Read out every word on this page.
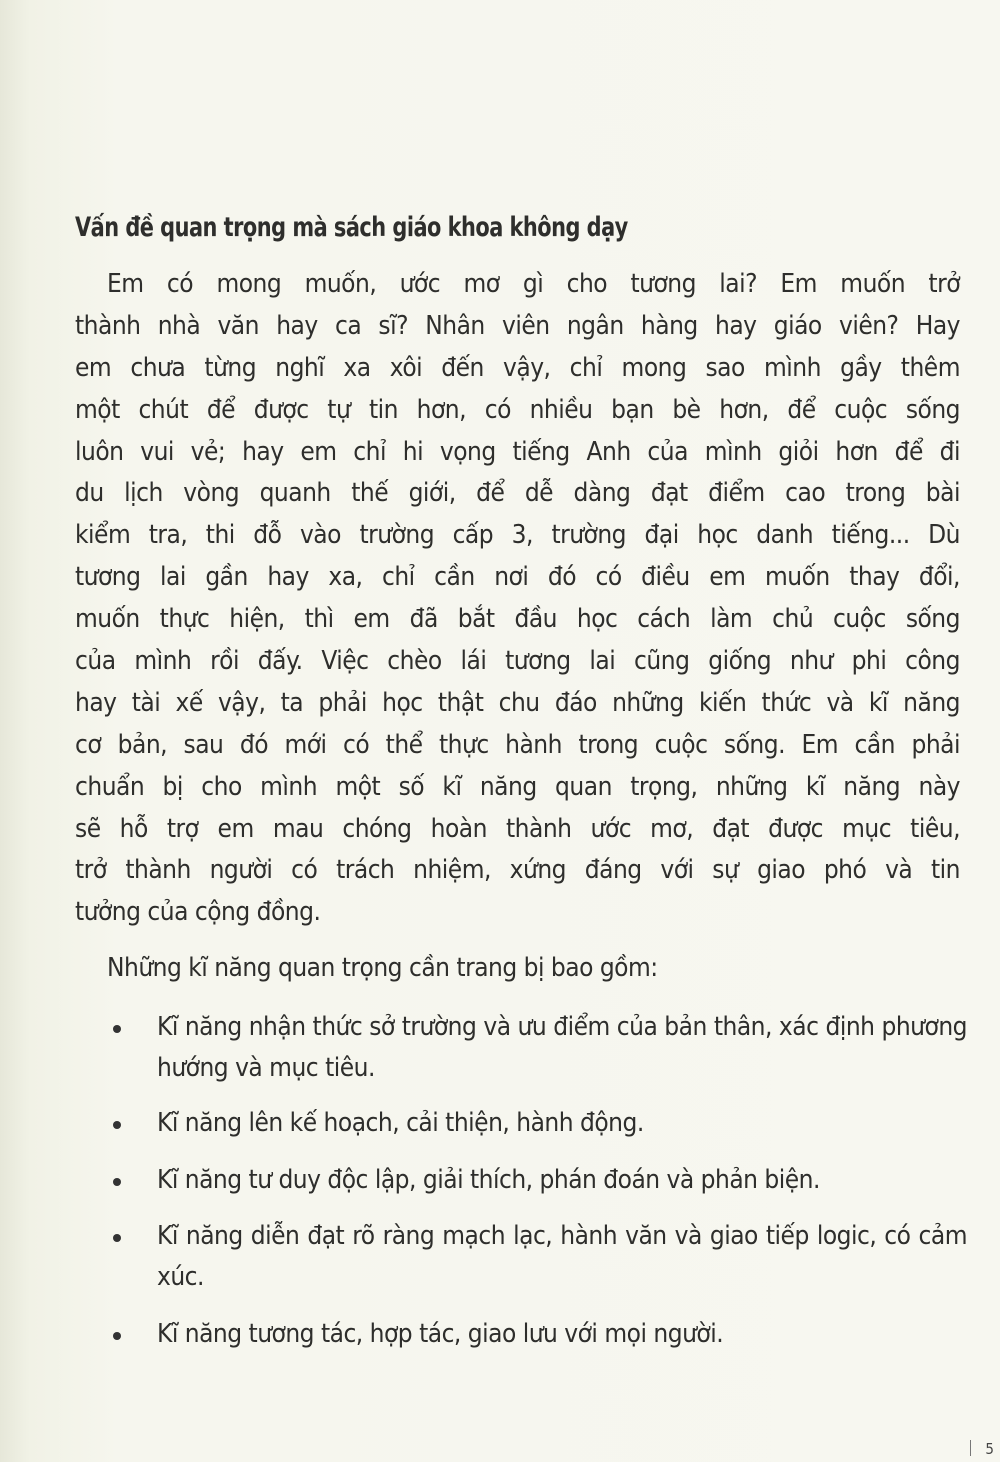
Vấn đề quan trọng mà sách giáo khoa không dạy
Em có mong muốn, ước mơ gì cho tương lai? Em muốn trở
thành nhà văn hay ca sĩ? Nhân viên ngân hàng hay giáo viên? Hay
em chưa từng nghĩ xa xôi đến vậy, chỉ mong sao mình gầy thêm
một chút để được tự tin hơn, có nhiều bạn bè hơn, để cuộc sống
luôn vui vẻ; hay em chỉ hi vọng tiếng Anh của mình giỏi hơn để đi
du lịch vòng quanh thế giới, để dễ dàng đạt điểm cao trong bài
kiểm tra, thi đỗ vào trường cấp 3, trường đại học danh tiếng... Dù
tương lai gần hay xa, chỉ cần nơi đó có điều em muốn thay đổi,
muốn thực hiện, thì em đã bắt đầu học cách làm chủ cuộc sống
của mình rồi đấy. Việc chèo lái tương lai cũng giống như phi công
hay tài xế vậy, ta phải học thật chu đáo những kiến thức và kĩ năng
cơ bản, sau đó mới có thể thực hành trong cuộc sống. Em cần phải
chuẩn bị cho mình một số kĩ năng quan trọng, những kĩ năng này
sẽ hỗ trợ em mau chóng hoàn thành ước mơ, đạt được mục tiêu,
trở thành người có trách nhiệm, xứng đáng với sự giao phó và tin
tưởng của cộng đồng.
Những kĩ năng quan trọng cần trang bị bao gồm:
Kĩ năng nhận thức sở trường và ưu điểm của bản thân, xác định phương hướng và mục tiêu.
Kĩ năng lên kế hoạch, cải thiện, hành động.
Kĩ năng tư duy độc lập, giải thích, phán đoán và phản biện.
Kĩ năng diễn đạt rõ ràng mạch lạc, hành văn và giao tiếp logic, có cảm xúc.
Kĩ năng tương tác, hợp tác, giao lưu với mọi người.
5
